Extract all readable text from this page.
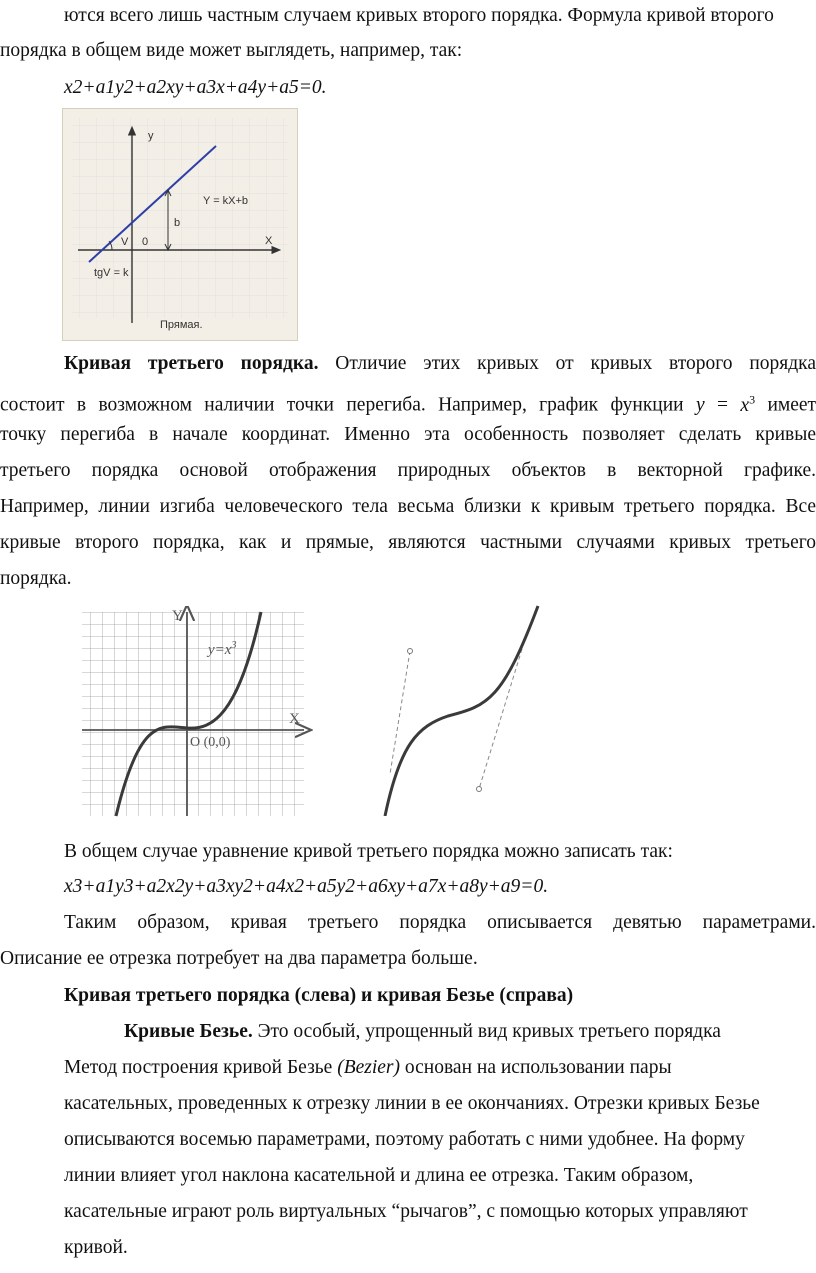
ются всего лишь частным случаем кривых второго порядка. Формула кривой второго
порядка в общем виде может выглядеть, например, так:
x2+a1y2+a2xy+a3x+a4y+a5=0.
y
X
0
V
b
Y = kX+b
tgV = k
Прямая.
Кривая третьего порядка. Отличие этих кривых от кривых второго порядка
состоит в возможном наличии точки перегиба. Например, график функции $y = x^3$ имеет
точку перегиба в начале координат. Именно эта особенность позволяет сделать кривые
третьего порядка основой отображения природных объектов в векторной графике.
Например, линии изгиба человеческого тела весьма близки к кривым третьего порядка. Все
кривые второго порядка, как и прямые, являются частными случаями кривых третьего
порядка.
Y
X
$y=x^3$
O (0,0)
В общем случае уравнение кривой третьего порядка можно записать так:
x3+a1y3+a2x2y+a3xy2+a4x2+a5y2+a6xy+a7x+a8y+a9=0.
Таким образом, кривая третьего порядка описывается девятью параметрами.
Описание ее отрезка потребует на два параметра больше.
Кривая третьего порядка (слева) и кривая Безье (справа)
Кривые Безье. Это особый, упрощенный вид кривых третьего порядка
Метод построения кривой Безье (Bezier) основан на использовании пары
касательных, проведенных к отрезку линии в ее окончаниях. Отрезки кривых Безье
описываются восемью параметрами, поэтому работать с ними удобнее. На форму
линии влияет угол наклона касательной и длина ее отрезка. Таким образом,
касательные играют роль виртуальных “рычагов”, с помощью которых управляют
кривой.
